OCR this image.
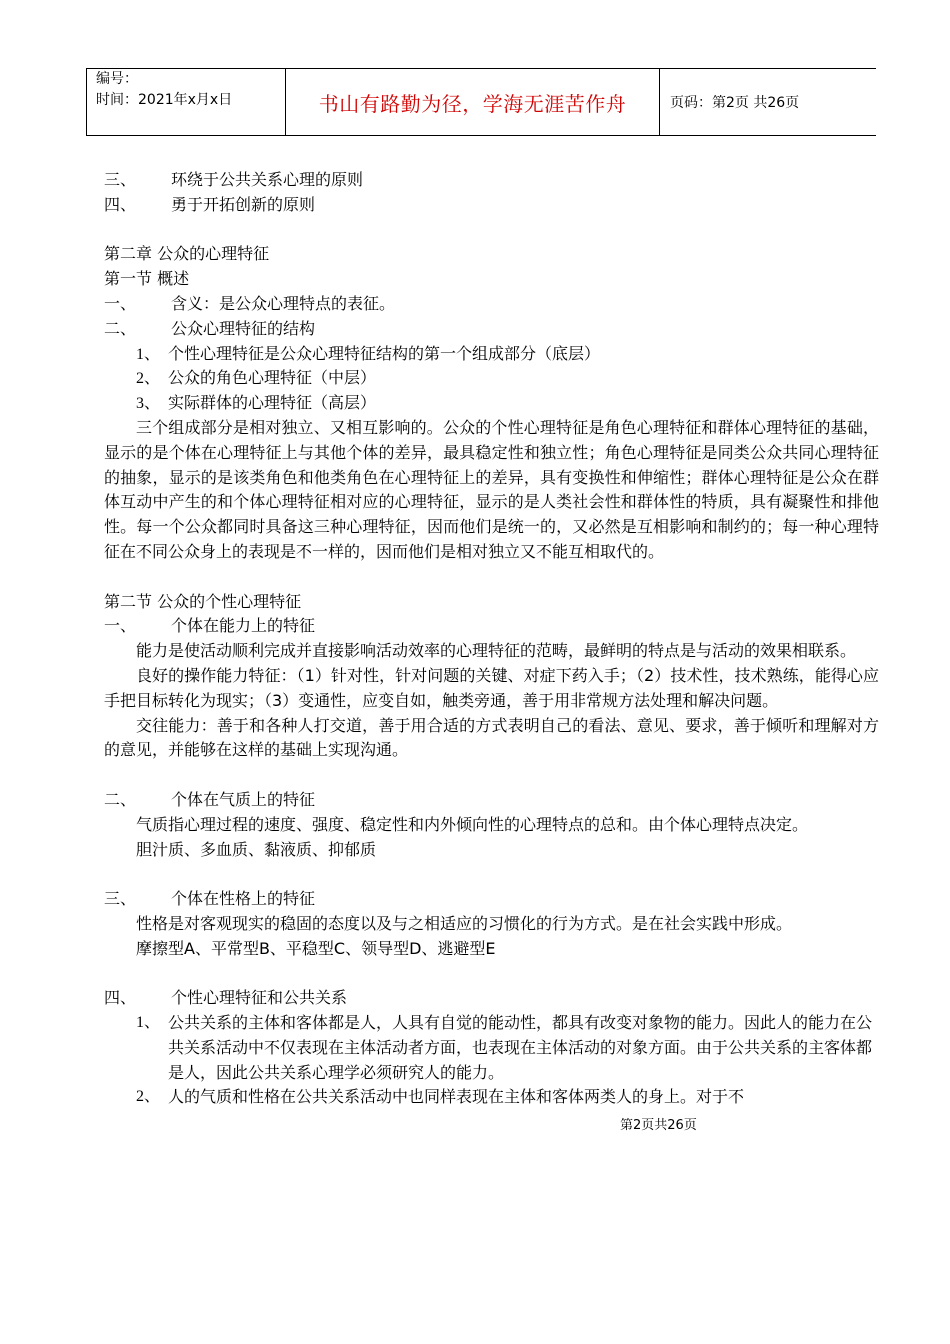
编号：
时间：2021年x月x日	书山有路勤为径，学海无涯苦作舟	页码：第2页 共26页
三、 环绕于公共关系心理的原则
四、 勇于开拓创新的原则
第二章 公众的心理特征
第一节 概述
一、 含义：是公众心理特点的表征。
二、 公众心理特征的结构
1、 个性心理特征是公众心理特征结构的第一个组成部分（底层）
2、 公众的角色心理特征（中层）
3、 实际群体的心理特征（高层）
三个组成部分是相对独立、又相互影响的。公众的个性心理特征是角色心理特征和群体心理特征的基础，显示的是个体在心理特征上与其他个体的差异，最具稳定性和独立性；角色心理特征是同类公众共同心理特征的抽象，显示的是该类角色和他类角色在心理特征上的差异，具有变换性和伸缩性；群体心理特征是公众在群体互动中产生的和个体心理特征相对应的心理特征，显示的是人类社会性和群体性的特质，具有凝聚性和排他性。每一个公众都同时具备这三种心理特征，因而他们是统一的，又必然是互相影响和制约的；每一种心理特征在不同公众身上的表现是不一样的，因而他们是相对独立又不能互相取代的。
第二节 公众的个性心理特征
一、 个体在能力上的特征
能力是使活动顺利完成并直接影响活动效率的心理特征的范畴，最鲜明的特点是与活动的效果相联系。
良好的操作能力特征：（1）针对性，针对问题的关键、对症下药入手；（2）技术性，技术熟练，能得心应手把目标转化为现实；（3）变通性，应变自如，触类旁通，善于用非常规方法处理和解决问题。
交往能力：善于和各种人打交道，善于用合适的方式表明自己的看法、意见、要求，善于倾听和理解对方的意见，并能够在这样的基础上实现沟通。
二、 个体在气质上的特征
气质指心理过程的速度、强度、稳定性和内外倾向性的心理特点的总和。由个体心理特点决定。
胆汁质、多血质、黏液质、抑郁质
三、 个体在性格上的特征
性格是对客观现实的稳固的态度以及与之相适应的习惯化的行为方式。是在社会实践中形成。
摩擦型A、平常型B、平稳型C、领导型D、逃避型E
四、 个性心理特征和公共关系
1、 公共关系的主体和客体都是人，人具有自觉的能动性，都具有改变对象物的能力。因此人的能力在公共关系活动中不仅表现在主体活动者方面，也表现在主体活动的对象方面。由于公共关系的主客体都是人，因此公共关系心理学必须研究人的能力。
2、 人的气质和性格在公共关系活动中也同样表现在主体和客体两类人的身上。对于不
第2页共26页
